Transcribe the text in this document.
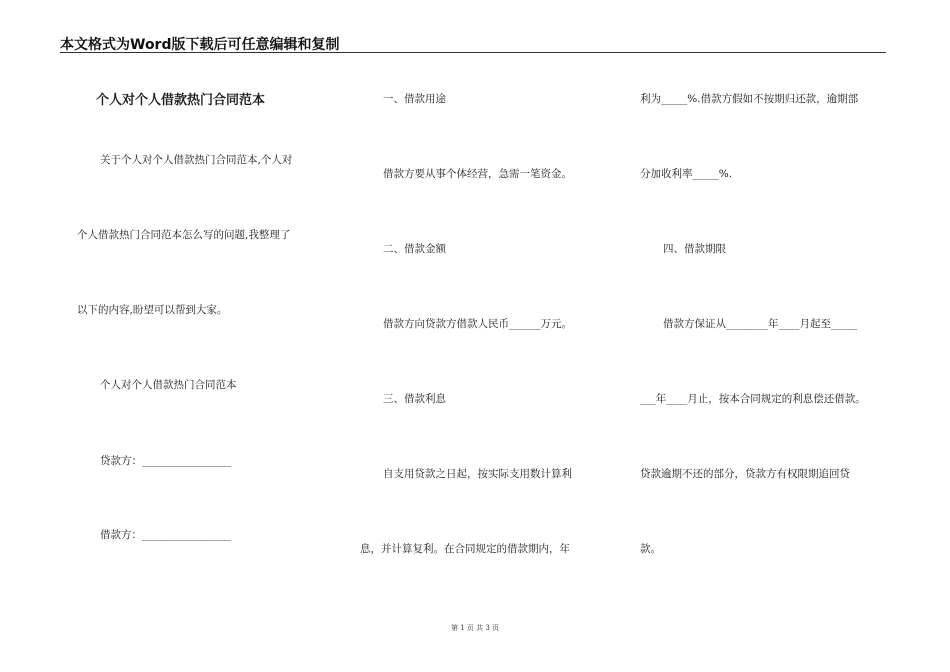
本文格式为Word版下载后可任意编辑和复制
个人对个人借款热门合同范本
关于个人对个人借款热门合同范本,个人对
个人借款热门合同范本怎么写的问题,我整理了
以下的内容,盼望可以帮到大家。
个人对个人借款热门合同范本
贷款方：_________________
借款方：_________________
一、借款用途
借款方要从事个体经营，急需一笔资金。
二、借款金额
借款方向贷款方借款人民币______万元。
三、借款利息
自支用贷款之日起，按实际支用数计算利
息，并计算复利。在合同规定的借款期内，年
利为_____%.借款方假如不按期归还款，逾期部
分加收利率_____%.
四、借款期限
借款方保证从________年____月起至_____
___年____月止，按本合同规定的利息偿还借款。
贷款逾期不还的部分，贷款方有权限期追回贷
款。
第 1 页 共 3 页
